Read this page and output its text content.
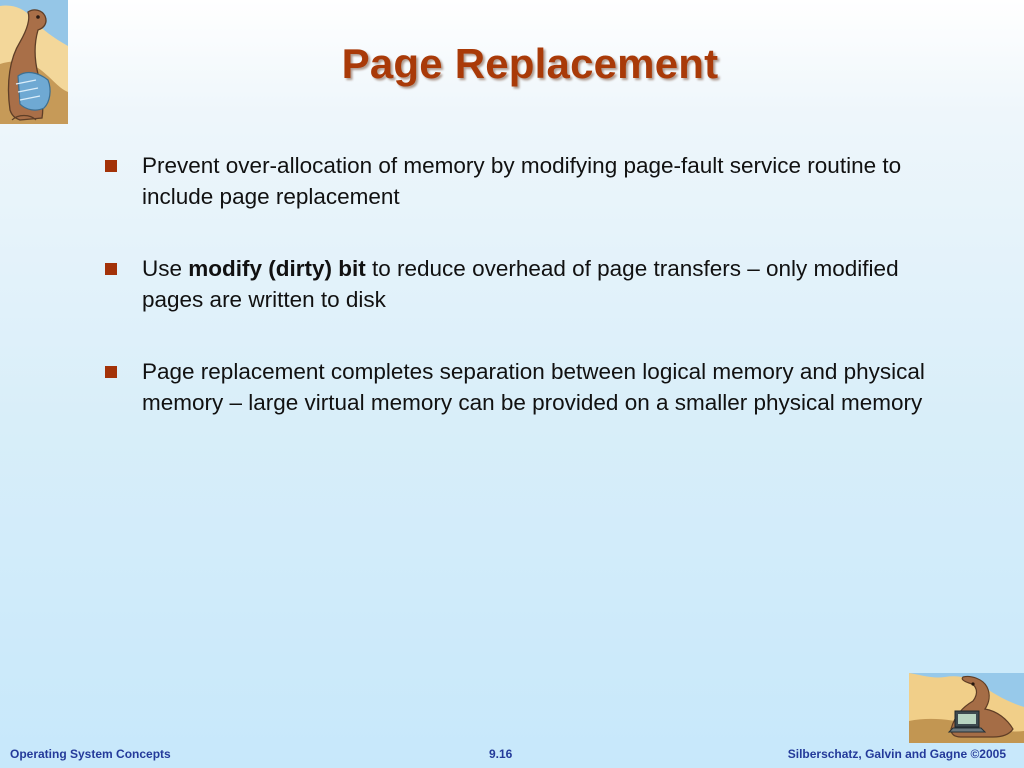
Page Replacement
Prevent over-allocation of memory by modifying page-fault service routine to include page replacement
Use modify (dirty) bit to reduce overhead of page transfers – only modified pages are written to disk
Page replacement completes separation between logical memory and physical memory – large virtual memory can be provided on a smaller physical memory
Operating System Concepts	9.16	Silberschatz, Galvin and Gagne ©2005
